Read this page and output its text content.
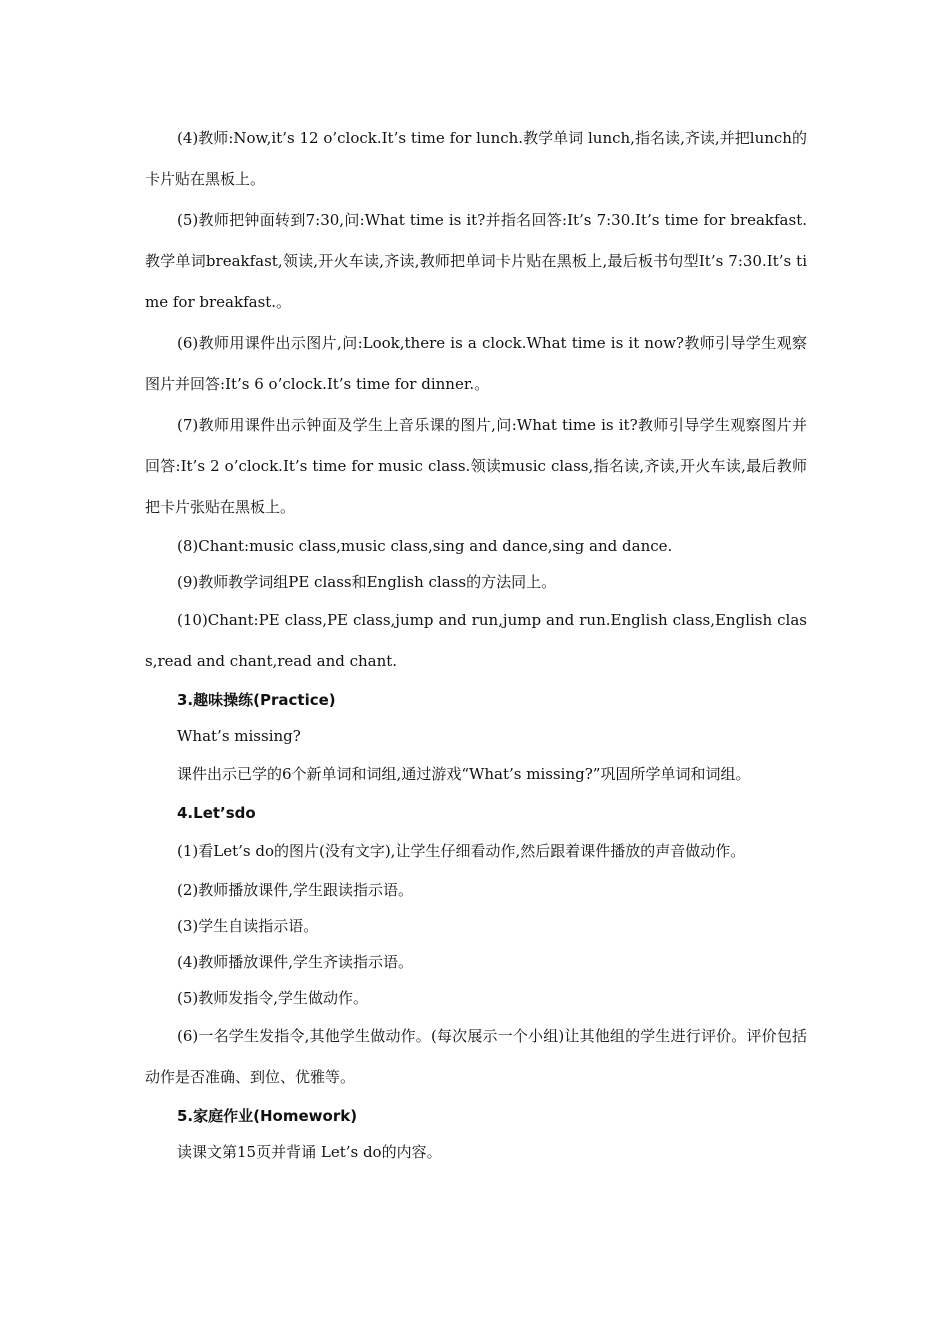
(4)教师:Now,it’s 12 o’clock.It’s time for lunch.教学单词 lunch,指名读,齐读,并把lunch的卡片贴在黑板上。

(5)教师把钟面转到7:30,问:What time is it?并指名回答:It’s 7:30.It’s time for breakfast.教学单词breakfast,领读,开火车读,齐读,教师把单词卡片贴在黑板上,最后板书句型It’s 7:30.It’s time for breakfast.。

(6)教师用课件出示图片,问:Look,there is a clock.What time is it now?教师引导学生观察图片并回答:It’s 6 o’clock.It’s time for dinner.。

(7)教师用课件出示钟面及学生上音乐课的图片,问:What time is it?教师引导学生观察图片并回答:It’s 2 o’clock.It’s time for music class.领读music class,指名读,齐读,开火车读,最后教师把卡片张贴在黑板上。

(8)Chant:music class,music class,sing and dance,sing and dance.

(9)教师教学词组PE class和English class的方法同上。

(10)Chant:PE class,PE class,jump and run,jump and run.English class,English class,read and chant,read and chant.

3.趣味操练(Practice)

What’s missing?

课件出示已学的6个新单词和词组,通过游戏“What’s missing?”巩固所学单词和词组。

4.Let’sdo

(1)看Let’s do的图片(没有文字),让学生仔细看动作,然后跟着课件播放的声音做动作。

(2)教师播放课件,学生跟读指示语。

(3)学生自读指示语。

(4)教师播放课件,学生齐读指示语。

(5)教师发指令,学生做动作。

(6)一名学生发指令,其他学生做动作。(每次展示一个小组)让其他组的学生进行评价。评价包括动作是否准确、到位、优雅等。

5.家庭作业(Homework)

读课文第15页并背诵 Let’s do的内容。
